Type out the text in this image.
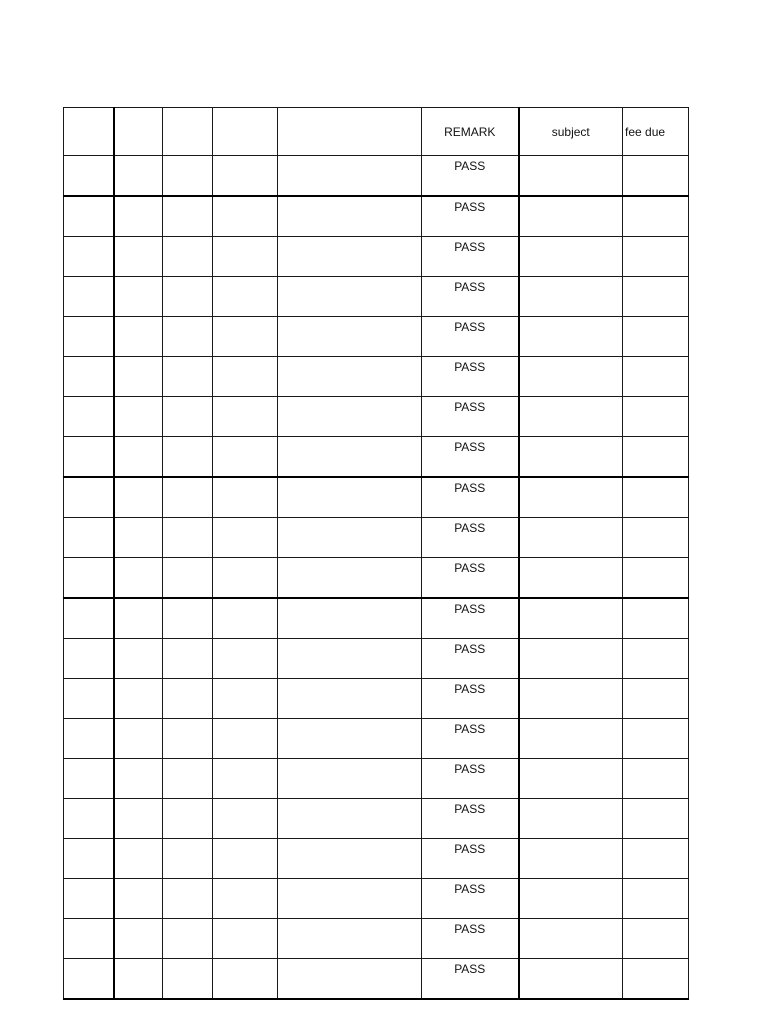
					REMARK	subject	fee due
					PASS		
					PASS		
					PASS		
					PASS		
					PASS		
					PASS		
					PASS		
					PASS		
					PASS		
					PASS		
					PASS		
					PASS		
					PASS		
					PASS		
					PASS		
					PASS		
					PASS		
					PASS		
					PASS		
					PASS		
					PASS		
